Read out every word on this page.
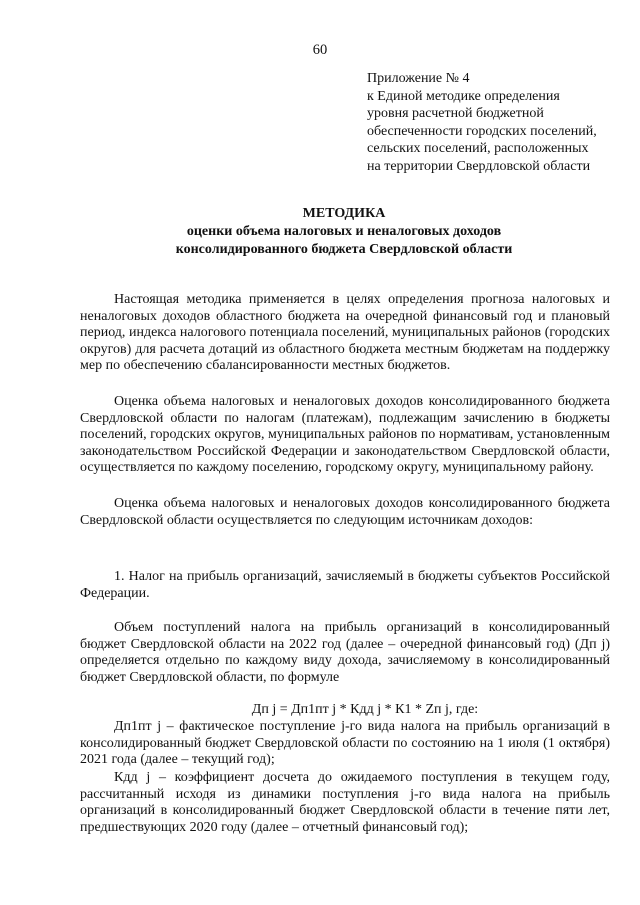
60
Приложение № 4
к Единой методике определения
уровня расчетной бюджетной
обеспеченности городских поселений,
сельских поселений, расположенных
на территории Свердловской области
МЕТОДИКА
оценки объема налоговых и неналоговых доходов
консолидированного бюджета Свердловской области

Настоящая методика применяется в целях определения прогноза налоговых и неналоговых доходов областного бюджета на очередной финансовый год и плановый период, индекса налогового потенциала поселений, муниципальных районов (городских округов) для расчета дотаций из областного бюджета местным бюджетам на поддержку мер по обеспечению сбалансированности местных бюджетов.

Оценка объема налоговых и неналоговых доходов консолидированного бюджета Свердловской области по налогам (платежам), подлежащим зачислению в бюджеты поселений, городских округов, муниципальных районов по нормативам, установленным законодательством Российской Федерации и законодательством Свердловской области, осуществляется по каждому поселению, городскому округу, муниципальному району.

Оценка объема налоговых и неналоговых доходов консолидированного бюджета Свердловской области осуществляется по следующим источникам доходов:

1. Налог на прибыль организаций, зачисляемый в бюджеты субъектов Российской Федерации.

Объем поступлений налога на прибыль организаций в консолидированный бюджет Свердловской области на 2022 год (далее – очередной финансовый год) (Дп j) определяется отдельно по каждому виду дохода, зачисляемому в консолидированный бюджет Свердловской области, по формуле

Дп j = Дп1пт j * Кдд j * К1 * Zп j, где:

Дп1пт j – фактическое поступление j-го вида налога на прибыль организаций в консолидированный бюджет Свердловской области по состоянию на 1 июля (1 октября) 2021 года (далее – текущий год);

Кдд j – коэффициент досчета до ожидаемого поступления в текущем году, рассчитанный исходя из динамики поступления j-го вида налога на прибыль организаций в консолидированный бюджет Свердловской области в течение пяти лет, предшествующих 2020 году (далее – отчетный финансовый год);
